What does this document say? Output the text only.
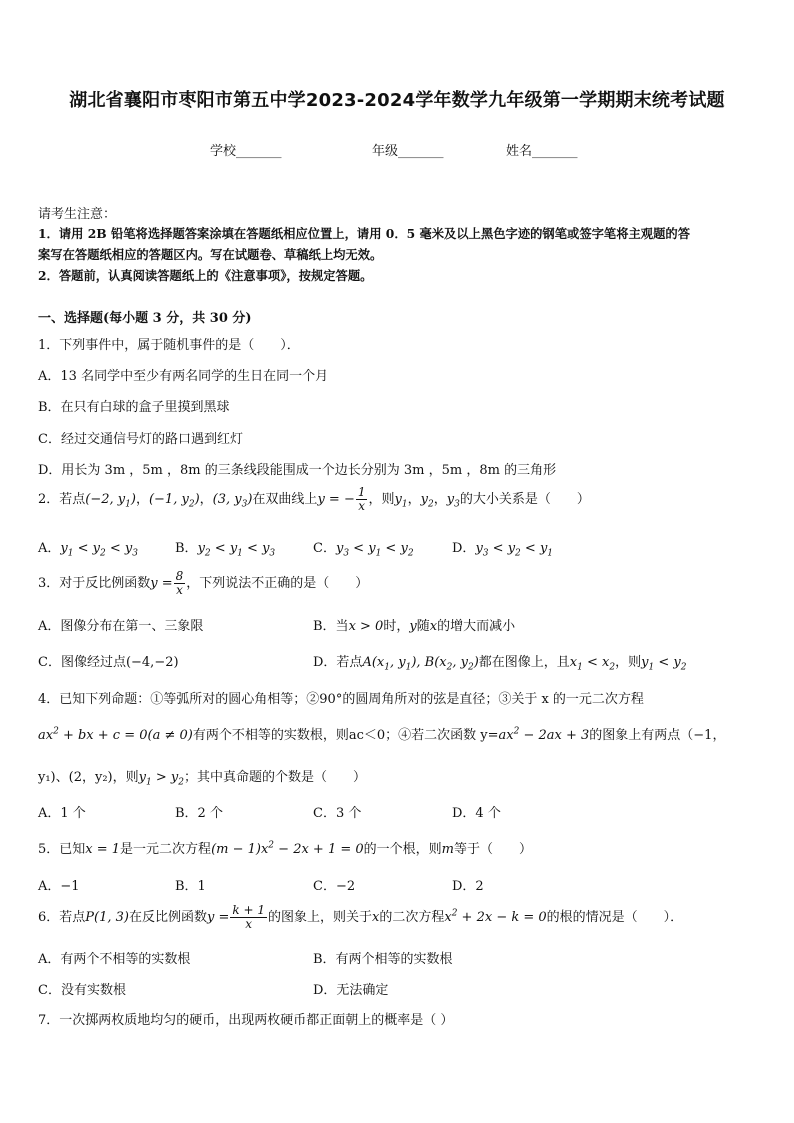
湖北省襄阳市枣阳市第五中学2023-2024学年数学九年级第一学期期末统考试题
学校_______	年级_______	姓名_______
请考生注意：
1．请用 2B 铅笔将选择题答案涂填在答题纸相应位置上，请用 0．5 毫米及以上黑色字迹的钢笔或签字笔将主观题的答
案写在答题纸相应的答题区内。写在试题卷、草稿纸上均无效。
2．答题前，认真阅读答题纸上的《注意事项》，按规定答题。
一、选择题(每小题 3 分，共 30 分)
1．下列事件中，属于随机事件的是（　　）．
A．13 名同学中至少有两名同学的生日在同一个月
B．在只有白球的盒子里摸到黑球
C．经过交通信号灯的路口遇到红灯
D．用长为 3m ，5m ，8m 的三条线段能围成一个边长分别为 3m ，5m ，8m 的三角形
2．若点(−2, $y_1$)，(−1, $y_2$)，(3, $y_3$)在双曲线上y = − $\frac{1}{x}$ ，则$y_1$，$y_2$，$y_3$的大小关系是（　　）
A．$y_1 < y_2 < y_3$	B．$y_2 < y_1 < y_3$	C．$y_3 < y_1 < y_2$	D．$y_3 < y_2 < y_1$
3．对于反比例函数$y = \frac{8}{x}$ ，下列说法不正确的是（　　）
A．图像分布在第一、三象限	B．当x > 0时，y随x的增大而减小
C．图像经过点(−4,−2)	D．若点$A(x_1$, $y_1$), $B(x_2$, $y_2$)都在图像上，且$x_1 < x_2$，则$y_1 < y_2$
4．已知下列命题：①等弧所对的圆心角相等；②90°的圆周角所对的弦是直径；③关于 x 的一元二次方程
$ax^2$ + bx + c = 0(a ≠ 0)有两个不相等的实数根，则ac＜0；④若二次函数 $y=ax^2 - 2ax + 3$的图象上有两点（−1，
y₁)、(2，y₂)，则$y_1 > y_2$；其中真命题的个数是（　　）
A．1 个	B．2 个	C．3 个	D．4 个
5．已知x = 1是一元二次方程$(m - 1)x^2 - 2x + 1 = 0$的一个根，则m等于（　　）
A．−1	B．1	C．−2	D．2
6．若点P(1, 3)在反比例函数$y = \frac{k + 1}{x}$ 的图象上，则关于x的二次方程$x^2 + 2x - k = 0$的根的情况是（　　）．
A．有两个不相等的实数根	B．有两个相等的实数根
C．没有实数根	D．无法确定
7．一次掷两枚质地均匀的硬币，出现两枚硬币都正面朝上的概率是（ ）
